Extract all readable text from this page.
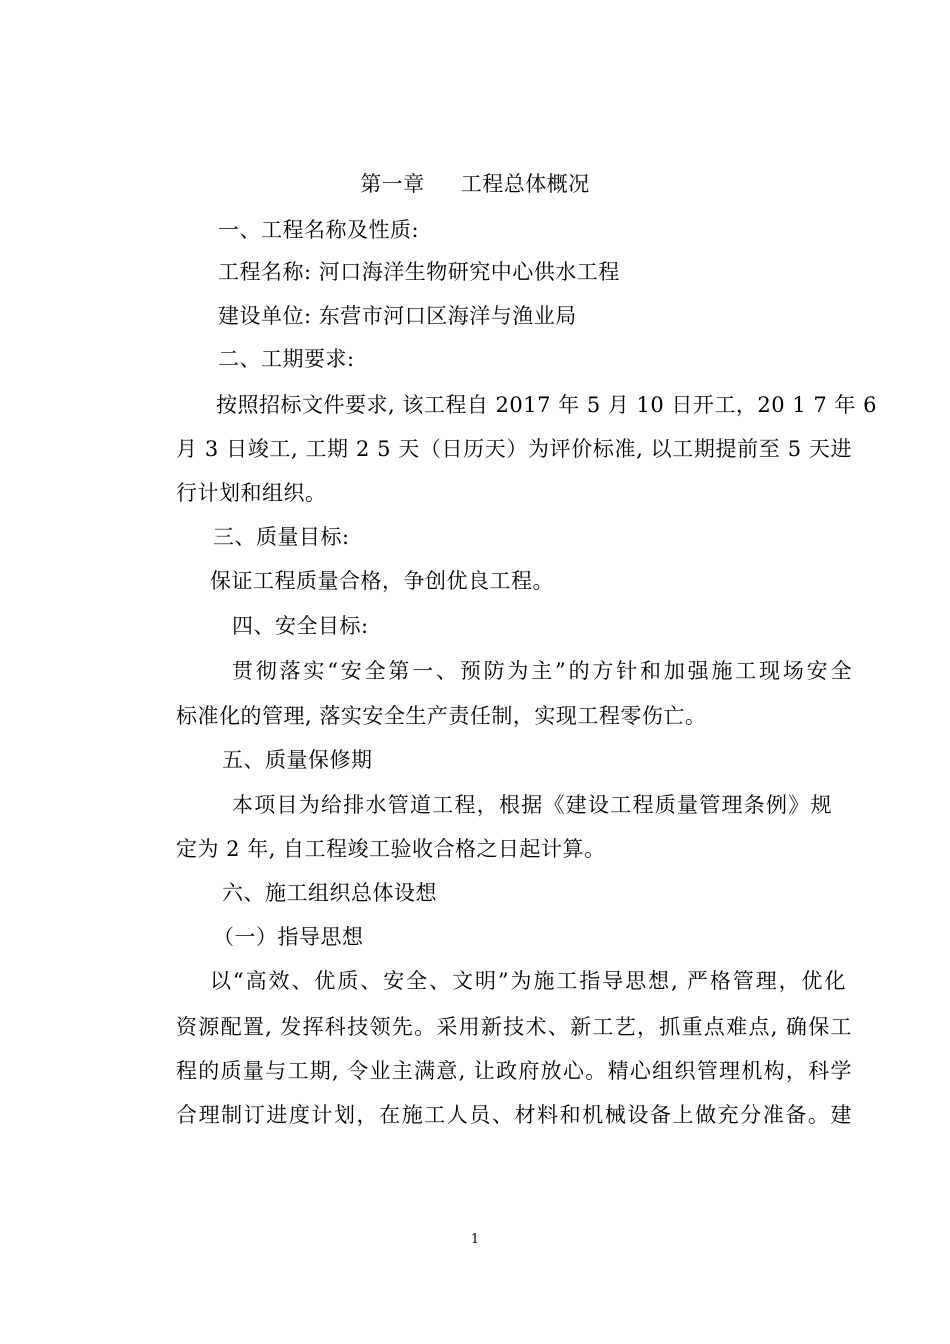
第一章 工程总体概况
一、工程名称及性质:
工程名称: 河口海洋生物研究中心供水工程
建设单位: 东营市河口区海洋与渔业局
二、工期要求:
按照招标文件要求, 该工程自 2017 年 5 月 10 日开工，20 1 7 年 6
月 3 日竣工, 工期 2 5 天（日历天）为评价标准, 以工期提前至 5 天进
行计划和组织。
三、质量目标:
保证工程质量合格，争创优良工程。
四、安全目标:
贯彻落实“安全第一、预防为主”的方针和加强施工现场安全
标准化的管理, 落实安全生产责任制，实现工程零伤亡。
五、质量保修期
本项目为给排水管道工程，根据《建设工程质量管理条例》规
定为 2 年, 自工程竣工验收合格之日起计算。
六、施工组织总体设想
（一）指导思想
以“高效、优质、安全、文明”为施工指导思想, 严格管理，优化
资源配置, 发挥科技领先。采用新技术、新工艺，抓重点难点, 确保工
程的质量与工期, 令业主满意, 让政府放心。精心组织管理机构，科学
合理制订进度计划，在施工人员、材料和机械设备上做充分准备。建
1
